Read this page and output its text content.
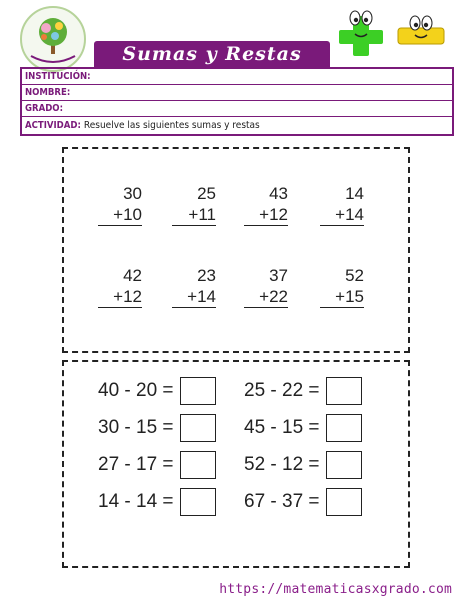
Sumas y Restas
INSTITUCIÓN:
NOMBRE:
GRADO:
ACTIVIDAD: Resuelve las siguientes sumas y restas
30
+10
25
+11
43
+12
14
+14
42
+12
23
+14
37
+22
52
+15
40 - 20 =	25 - 22 =
30 - 15 =	45 - 15 =
27 - 17 =	52 - 12 =
14 - 14 =	67 - 37 =
https://matematicasxgrado.com
